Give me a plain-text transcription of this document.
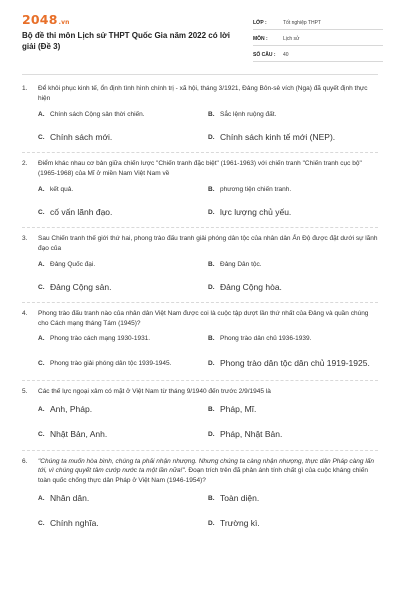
2048.vn
Bộ đề thi môn Lịch sử THPT Quốc Gia năm 2022 có lời giải (Đề 3)
LỚP :	Tốt nghiệp THPT
MÔN :	Lịch sử
SỐ CÂU :	40
1.	Để khôi phục kinh tế, ổn định tình hình chính trị - xã hội, tháng 3/1921, Đảng Bôn-sê vích (Nga) đã quyết định thực hiện
A. Chính sách Cộng sản thời chiến.	B. Sắc lệnh ruộng đất.
C. Chính sách mới.	D. Chính sách kinh tế mới (NEP).
2.	Điểm khác nhau cơ bản giữa chiến lược "Chiến tranh đặc biệt" (1961-1963) với chiến tranh "Chiến tranh cục bộ" (1965-1968) của Mĩ ở miền Nam Việt Nam về
A. kết quả.	B. phương tiện chiến tranh.
C. cố vấn lãnh đạo.	D. lực lượng chủ yếu.
3.	Sau Chiến tranh thế giới thứ hai, phong trào đấu tranh giải phóng dân tộc của nhân dân Ấn Độ được đặt dưới sự lãnh đạo của
A. Đảng Quốc đại.	B. Đảng Dân tộc.
C. Đảng Cộng sản.	D. Đảng Cộng hòa.
4.	Phong trào đấu tranh nào của nhân dân Việt Nam được coi là cuộc tập dượt lần thứ nhất của Đảng và quần chúng cho Cách mạng tháng Tám (1945)?
A. Phong trào cách mạng 1930-1931.	B. Phong trào dân chủ 1936-1939.
C. Phong trào giải phóng dân tộc 1939-1945.	D. Phong trào dân tộc dân chủ 1919-1925.
5.	Các thế lực ngoại xâm có mặt ở Việt Nam từ tháng 9/1940 đến trước 2/9/1945 là
A. Anh, Pháp.	B. Pháp, Mĩ.
C. Nhật Bản, Anh.	D. Pháp, Nhật Bản.
6.	"Chúng ta muốn hòa bình, chúng ta phải nhận nhượng. Nhưng chúng ta càng nhận nhượng, thực dân Pháp càng lấn tới, vì chúng quyết tâm cướp nước ta một lần nữa!". Đoạn trích trên đã phản ánh tính chất gì của cuộc kháng chiến toàn quốc chống thực dân Pháp ở Việt Nam (1946-1954)?
A. Nhân dân.	B. Toàn diện.
C. Chính nghĩa.	D. Trường kì.
